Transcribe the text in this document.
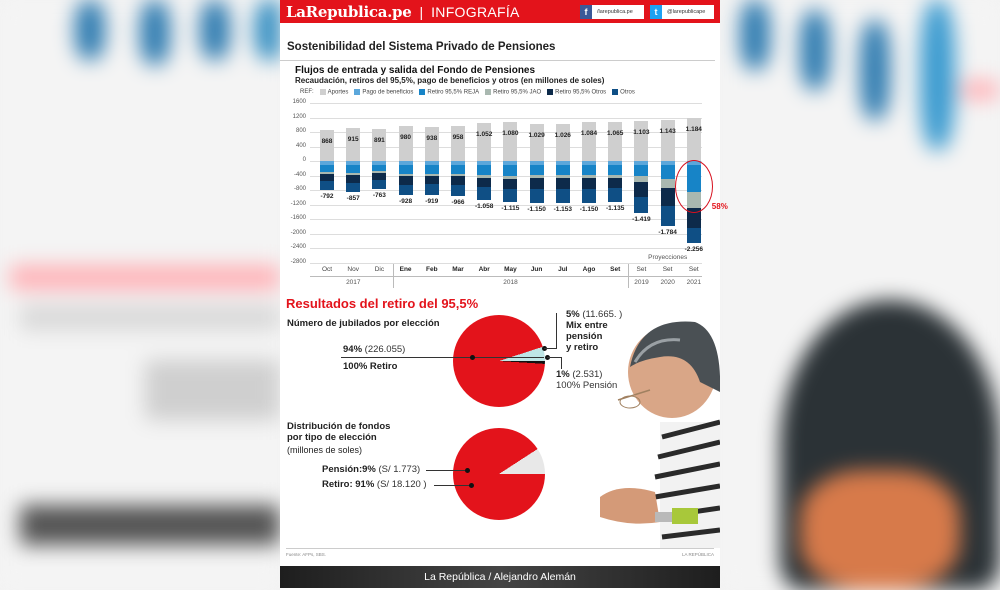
LaRepublica.pe | INFOGRAFÍA	f	/larepublica.pe	t	@larepublicape
Sostenibilidad del Sistema Privado de Pensiones
Flujos de entrada y salida del Fondo de Pensiones
Recaudación, retiros del 95,5%, pago de beneficios y otros (en millones de soles)
REF:	Aportes	Pago de beneficios	Retiro 95,5% REJA	Retiro 95,5% JAO	Retiro 95,5% Otros	Otros
1600
1200
800
400
0
-400
-800
-1200
-1600
-2000
-2400
-2800
868
-792
Oct
915
-857
Nov
891
-763
Dic
980
-928
Ene
938
-919
Feb
958
-966
Mar
1.052
-1.058
Abr
1.080
-1.115
May
1.029
-1.150
Jun
1.026
-1.153
Jul
1.084
-1.150
Ago
1.065
-1.135
Set
1.103
-1.419
Set
1.143
-1.784
Set
1.184
-2.256
Set
2017	2018	2019	2020	2021
Proyecciones
58%
Resultados del retiro del 95,5%
Número de jubilados por elección
94% (226.055)
100% Retiro
5% (11.665. )
Mix entre
pensión
y retiro
1% (2.531)
100% Pensión
Distribución de fondos
por tipo de elección
(millones de soles)
Pensión:9% (S/ 1.773)
Retiro: 91% (S/ 18.120 )
Fuente: AFPs, SBS.	LA REPÚBLICA
La República / Alejandro Alemán
